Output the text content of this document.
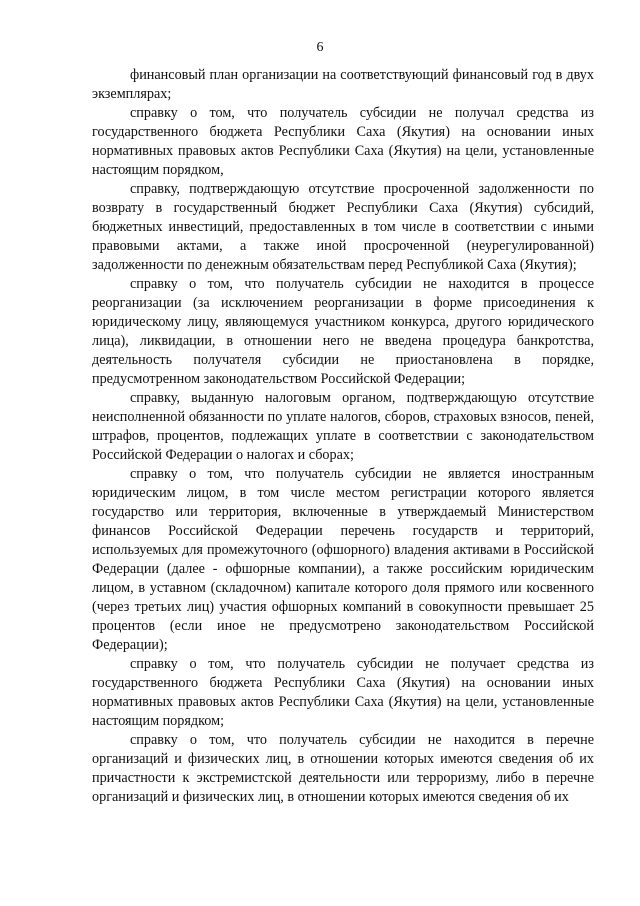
6

финансовый план организации на соответствующий финансовый год в двух экземплярах;

справку о том, что получатель субсидии не получал средства из государственного бюджета Республики Саха (Якутия) на основании иных нормативных правовых актов Республики Саха (Якутия) на цели, установленные настоящим порядком,

справку, подтверждающую отсутствие просроченной задолженности по возврату в государственный бюджет Республики Саха (Якутия) субсидий, бюджетных инвестиций, предоставленных в том числе в соответствии с иными правовыми актами, а также иной просроченной (неурегулированной) задолженности по денежным обязательствам перед Республикой Саха (Якутия);

справку о том, что получатель субсидии не находится в процессе реорганизации (за исключением реорганизации в форме присоединения к юридическому лицу, являющемуся участником конкурса, другого юридического лица), ликвидации, в отношении него не введена процедура банкротства, деятельность получателя субсидии не приостановлена в порядке, предусмотренном законодательством Российской Федерации;

справку, выданную налоговым органом, подтверждающую отсутствие неисполненной обязанности по уплате налогов, сборов, страховых взносов, пеней, штрафов, процентов, подлежащих уплате в соответствии с законодательством Российской Федерации о налогах и сборах;

справку о том, что получатель субсидии не является иностранным юридическим лицом, в том числе местом регистрации которого является государство или территория, включенные в утверждаемый Министерством финансов Российской Федерации перечень государств и территорий, используемых для промежуточного (офшорного) владения активами в Российской Федерации (далее - офшорные компании), а также российским юридическим лицом, в уставном (складочном) капитале которого доля прямого или косвенного (через третьих лиц) участия офшорных компаний в совокупности превышает 25 процентов (если иное не предусмотрено законодательством Российской Федерации);

справку о том, что получатель субсидии не получает средства из государственного бюджета Республики Саха (Якутия) на основании иных нормативных правовых актов Республики Саха (Якутия) на цели, установленные настоящим порядком;

справку о том, что получатель субсидии не находится в перечне организаций и физических лиц, в отношении которых имеются сведения об их причастности к экстремистской деятельности или терроризму, либо в перечне организаций и физических лиц, в отношении которых имеются сведения об их
